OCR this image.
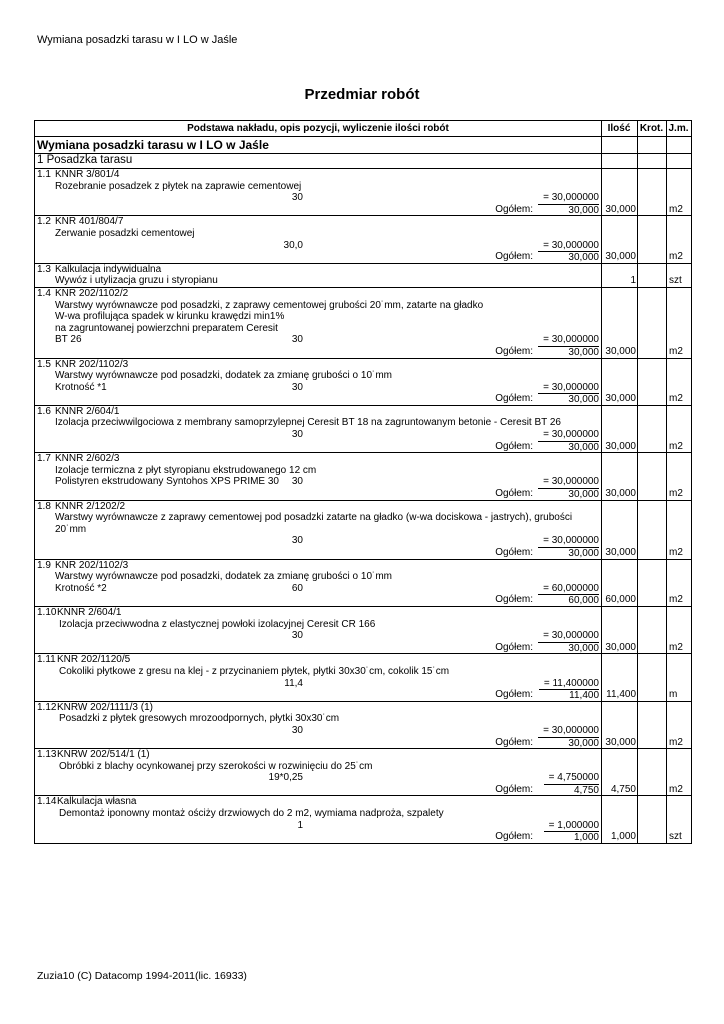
Wymiana posadzki tarasu w I LO w Jaśle
Przedmiar robót
Podstawa nakładu, opis pozycji, wyliczenie ilości robót	Ilość Krot. J.m.
Wymiana posadzki tarasu w I LO w Jaśle
1 Posadzka tarasu
1.1 KNNR 3/801/4
Rozebranie posadzek z płytek na zaprawie cementowej
30	= 30,000000
Ogółem:	30,000 30,000	m2
1.2 KNR 401/804/7
Zerwanie posadzki cementowej
30,0	= 30,000000
Ogółem:	30,000 30,000	m2
1.3 Kalkulacja indywidualna
Wywóz i utylizacja gruzu i styropianu	1	szt
1.4 KNR 202/1102/2
Warstwy wyrównawcze pod posadzki, z zaprawy cementowej grubości 20˙mm, zatarte na gładko
W-wa profilująca spadek w kirunku krawędzi min1%
na zagruntowanej powierzchni preparatem Ceresit
BT 26	30	= 30,000000
Ogółem:	30,000 30,000	m2
1.5 KNR 202/1102/3
Warstwy wyrównawcze pod posadzki, dodatek za zmianę grubości o 10˙mm
Krotność *1	30	= 30,000000
Ogółem:	30,000 30,000	m2
1.6 KNNR 2/604/1
Izolacja przeciwwilgociowa z membrany samoprzylepnej Ceresit BT 18 na zagruntowanym betonie - Ceresit BT 26
30	= 30,000000
Ogółem:	30,000 30,000	m2
1.7 KNNR 2/602/3
Izolacje termiczna z płyt styropianu ekstrudowanego 12 cm
Polistyren ekstrudowany Syntohos XPS PRIME 30 30	= 30,000000
Ogółem:	30,000 30,000	m2
1.8 KNNR 2/1202/2
Warstwy wyrównawcze z zaprawy cementowej pod posadzki zatarte na gładko (w-wa dociskowa - jastrych), grubości
20˙mm
30	= 30,000000
Ogółem:	30,000 30,000	m2
1.9 KNR 202/1102/3
Warstwy wyrównawcze pod posadzki, dodatek za zmianę grubości o 10˙mm
Krotność *2	60	= 60,000000
Ogółem:	60,000 60,000	m2
1.10 KNNR 2/604/1
Izolacja przeciwwodna z elastycznej powłoki izolacyjnej Ceresit CR 166
30	= 30,000000
Ogółem:	30,000 30,000	m2
1.11 KNR 202/1120/5
Cokoliki płytkowe z gresu na klej - z przycinaniem płytek, płytki 30x30˙cm, cokolik 15˙cm
11,4	= 11,400000
Ogółem:	11,400 11,400	m
1.12 KNRW 202/1111/3 (1)
Posadzki z płytek gresowych mrozoodpornych, płytki 30x30˙cm
30	= 30,000000
Ogółem:	30,000 30,000	m2
1.13 KNRW 202/514/1 (1)
Obróbki z blachy ocynkowanej przy szerokości w rozwinięciu do 25˙cm
19*0,25	= 4,750000
Ogółem:	4,750 4,750	m2
1.14 Kalkulacja własna
Demontaż iponowny montaż ościży drzwiowych do 2 m2, wymiama nadproża, szpalety
1	= 1,000000
Ogółem:	1,000 1,000	szt
Zuzia10 (C) Datacomp 1994-2011(lic. 16933)
